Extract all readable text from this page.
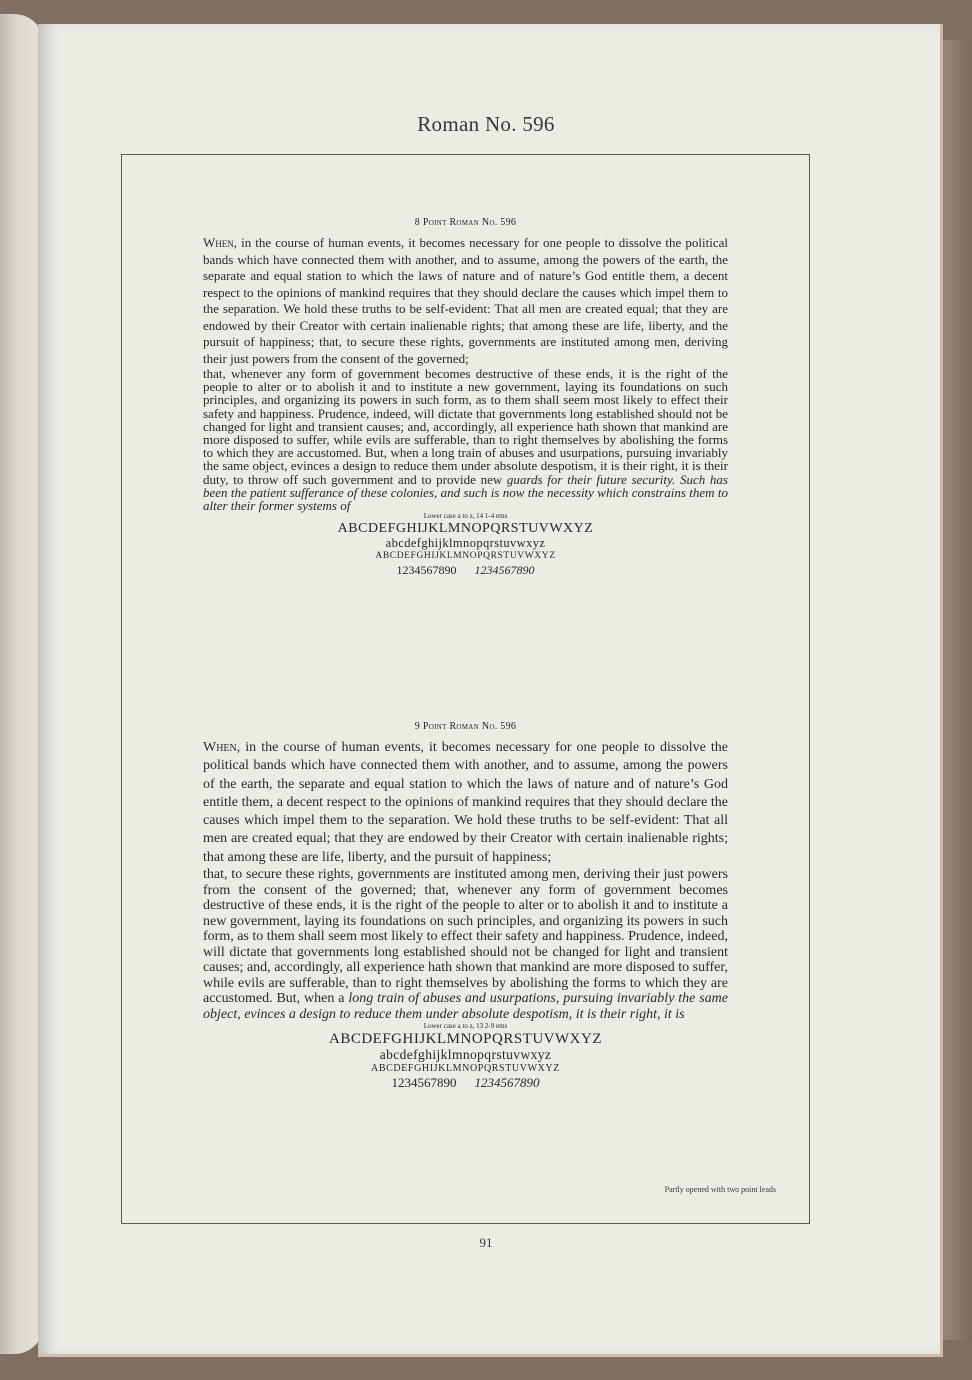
Roman No. 596
8 Point Roman No. 596
When, in the course of human events, it becomes necessary for one people to dissolve the political bands which have connected them with another, and to assume, among the powers of the earth, the separate and equal station to which the laws of nature and of nature’s God entitle them, a decent respect to the opinions of mankind requires that they should declare the causes which impel them to the separation. We hold these truths to be self-evident: That all men are created equal; that they are endowed by their Creator with certain inalienable rights; that among these are life, liberty, and the pursuit of happiness; that, to secure these rights, governments are instituted among men, deriving their just powers from the consent of the governed;
that, whenever any form of government becomes destructive of these ends, it is the right of the people to alter or to abolish it and to institute a new government, laying its foundations on such principles, and organizing its powers in such form, as to them shall seem most likely to effect their safety and happiness. Prudence, indeed, will dictate that governments long established should not be changed for light and transient causes; and, accordingly, all experience hath shown that mankind are more disposed to suffer, while evils are sufferable, than to right themselves by abolishing the forms to which they are accustomed. But, when a long train of abuses and usurpations, pursuing invariably the same object, evinces a design to reduce them under absolute despotism, it is their right, it is their duty, to throw off such government and to provide new guards for their future security. Such has been the patient sufferance of these colonies, and such is now the necessity which constrains them to alter their former systems of
Lower case a to z, 14 1-4 ems
ABCDEFGHIJKLMNOPQRSTUVWXYZ
abcdefghijklmnopqrstuvwxyz
ABCDEFGHIJKLMNOPQRSTUVWXYZ
1234567890 1234567890
9 Point Roman No. 596
When, in the course of human events, it becomes necessary for one people to dissolve the political bands which have connected them with another, and to assume, among the powers of the earth, the separate and equal station to which the laws of nature and of nature’s God entitle them, a decent respect to the opinions of mankind requires that they should declare the causes which impel them to the separation. We hold these truths to be self-evident: That all men are created equal; that they are endowed by their Creator with certain inalienable rights; that among these are life, liberty, and the pursuit of happiness;
that, to secure these rights, governments are instituted among men, deriving their just powers from the consent of the governed; that, whenever any form of government becomes destructive of these ends, it is the right of the people to alter or to abolish it and to institute a new government, laying its foundations on such principles, and organizing its powers in such form, as to them shall seem most likely to effect their safety and happiness. Prudence, indeed, will dictate that governments long established should not be changed for light and transient causes; and, accordingly, all experience hath shown that mankind are more disposed to suffer, while evils are sufferable, than to right themselves by abolishing the forms to which they are accustomed. But, when a long train of abuses and usurpations, pursuing invariably the same object, evinces a design to reduce them under absolute despotism, it is their right, it is
Lower case a to z, 13 2-9 ems
ABCDEFGHIJKLMNOPQRSTUVWXYZ
abcdefghijklmnopqrstuvwxyz
ABCDEFGHIJKLMNOPQRSTUVWXYZ
1234567890 1234567890
Partly opened with two point leads
91
